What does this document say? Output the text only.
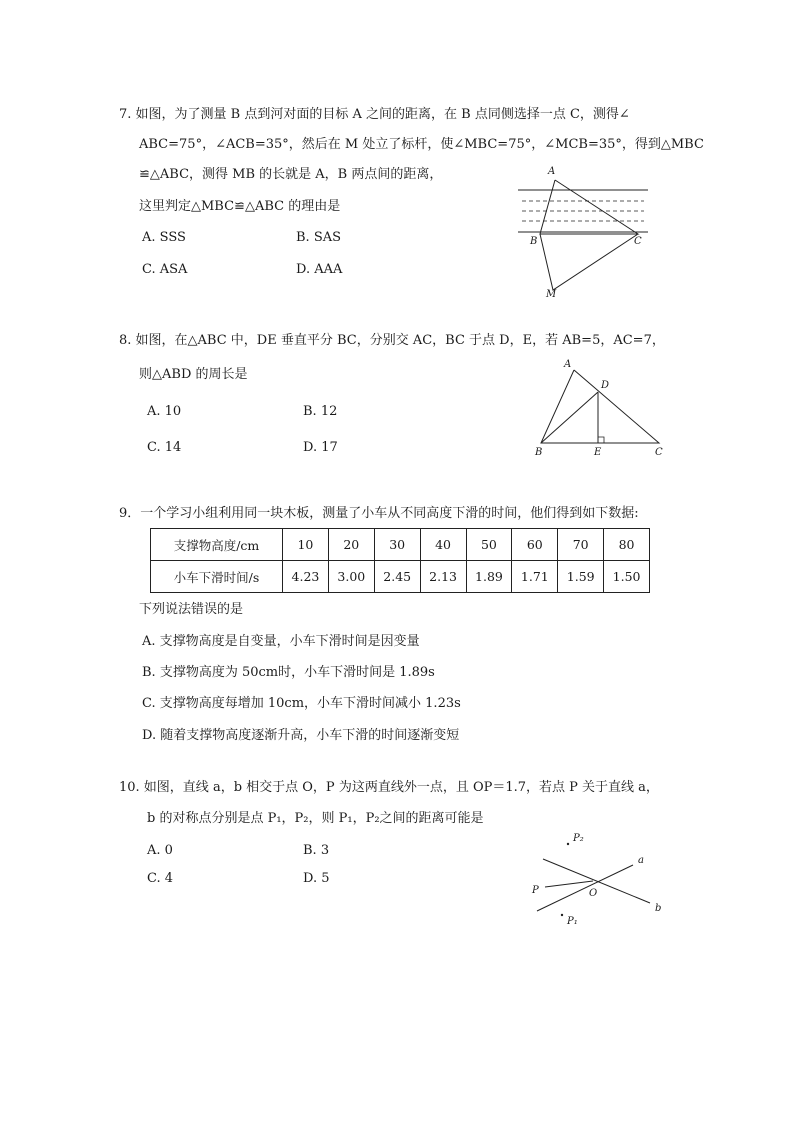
7. 如图，为了测量 B 点到河对面的目标 A 之间的距离，在 B 点同侧选择一点 C，测得∠
ABC=75°，∠ACB=35°，然后在 M 处立了标杆，使∠MBC=75°，∠MCB=35°，得到△MBC
≌△ABC，测得 MB 的长就是 A，B 两点间的距离，
这里判定△MBC≌△ABC 的理由是
A. SSS	B. SAS
C. ASA	D. AAA
A
B	C
M
8. 如图，在△ABC 中，DE 垂直平分 BC，分别交 AC，BC 于点 D，E，若 AB=5，AC=7，
则△ABD 的周长是
A. 10	B. 12
C. 14	D. 17
A
D
B	E	C
9．一个学习小组利用同一块木板，测量了小车从不同高度下滑的时间，他们得到如下数据:
支撑物高度/cm	10	20	30	40	50	60	70	80
小车下滑时间/s	4.23	3.00	2.45	2.13	1.89	1.71	1.59	1.50
下列说法错误的是
A. 支撑物高度是自变量，小车下滑时间是因变量
B. 支撑物高度为 50cm时，小车下滑时间是 1.89s
C. 支撑物高度每增加 10cm，小车下滑时间减小 1.23s
D. 随着支撑物高度逐渐升高，小车下滑的时间逐渐变短
10. 如图，直线 a，b 相交于点 O，P 为这两直线外一点，且 OP＝1.7，若点 P 关于直线 a，
b 的对称点分别是点 P₁，P₂，则 P₁，P₂之间的距离可能是
A. 0	B. 3
C. 4	D. 5
P₂
a
P	O
b
P₁
